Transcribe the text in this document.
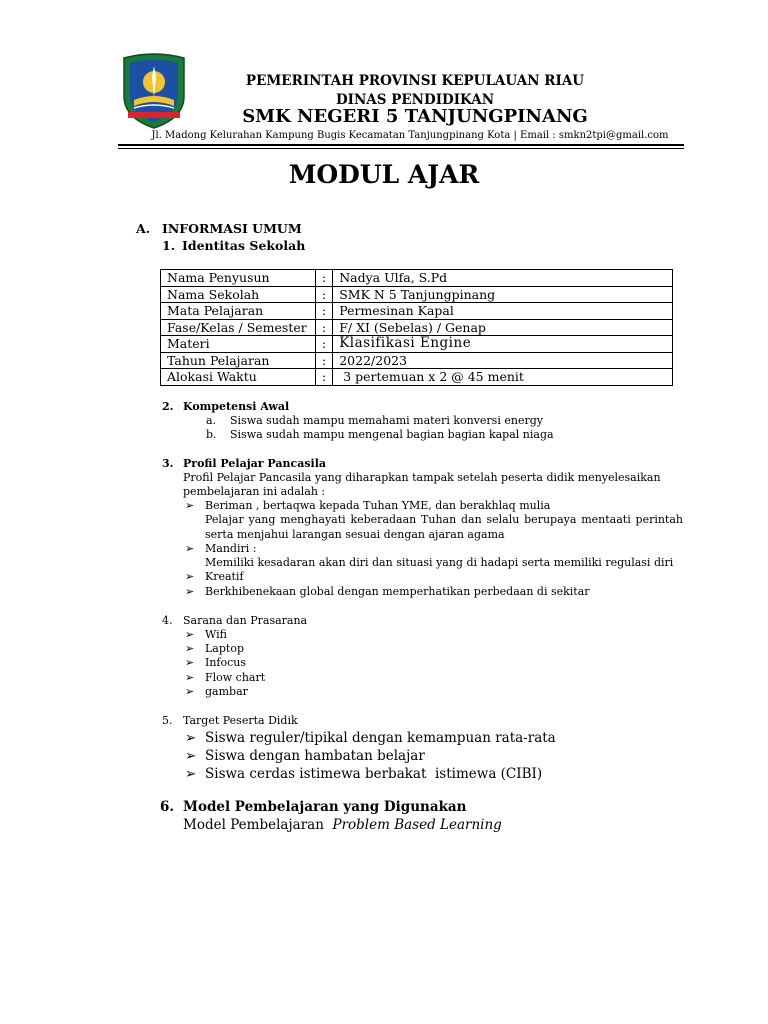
PEMERINTAH PROVINSI KEPULAUAN RIAU
DINAS PENDIDIKAN
SMK NEGERI 5 TANJUNGPINANG
Jl. Madong Kelurahan Kampung Bugis Kecamatan Tanjungpinang Kota | Email : smkn2tpi@gmail.com
MODUL AJAR
A. INFORMASI UMUM
1. Identitas Sekolah
Nama Penyusun	:	Nadya Ulfa, S.Pd
Nama Sekolah	:	SMK N 5 Tanjungpinang
Mata Pelajaran	:	Permesinan Kapal
Fase/Kelas / Semester	:	F/ XI (Sebelas) / Genap
Materi	:	Klasifikasi Engine
Tahun Pelajaran	:	2022/2023
Alokasi Waktu	:	3 pertemuan x 2 @ 45 menit
2. Kompetensi Awal
a. Siswa sudah mampu memahami materi konversi energy
b. Siswa sudah mampu mengenal bagian bagian kapal niaga
3. Profil Pelajar Pancasila
Profil Pelajar Pancasila yang diharapkan tampak setelah peserta didik menyelesaikan
pembelajaran ini adalah :
➢ Beriman , bertaqwa kepada Tuhan YME, dan berakhlaq mulia
Pelajar yang menghayati keberadaan Tuhan dan selalu berupaya mentaati perintah
serta menjahui larangan sesuai dengan ajaran agama
➢ Mandiri :
Memiliki kesadaran akan diri dan situasi yang di hadapi serta memiliki regulasi diri
➢ Kreatif
➢ Berkhibenekaan global dengan memperhatikan perbedaan di sekitar
4. Sarana dan Prasarana
➢ Wifi
➢ Laptop
➢ Infocus
➢ Flow chart
➢ gambar
5. Target Peserta Didik
➢ Siswa reguler/tipikal dengan kemampuan rata-rata
➢ Siswa dengan hambatan belajar
➢ Siswa cerdas istimewa berbakat  istimewa (CIBI)
6. Model Pembelajaran yang Digunakan
Model Pembelajaran  Problem Based Learning
